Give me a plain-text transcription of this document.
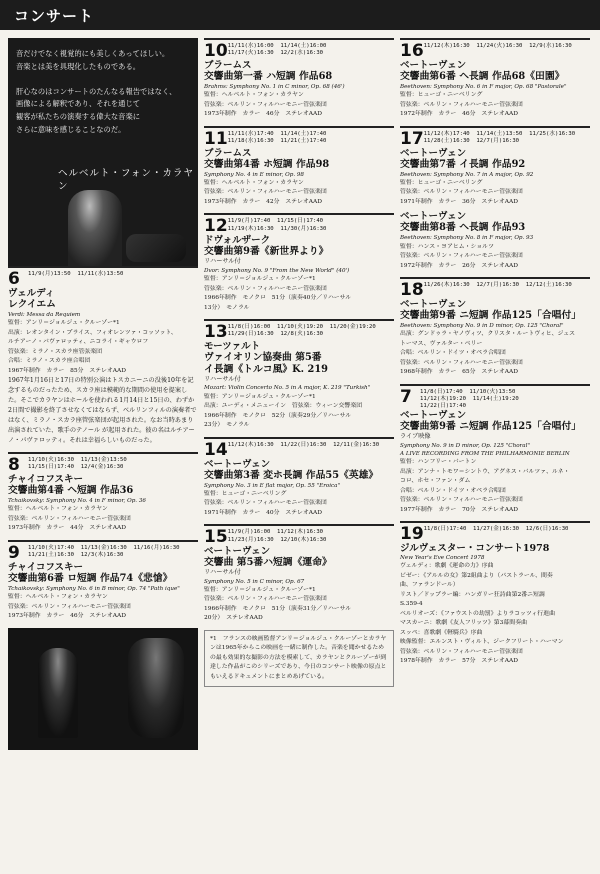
コンサート
音だけでなく視覚的にも美しくあってほしい。
音楽とは美を具現化したものである。

肝心なのはコンサートのたんなる報告ではなく、
画像による解釈であり、それを通じて
観客が私たちの演奏する偉大な音楽に
さらに意味を感じることなのだ。
ヘルベルト・フォン・カラヤン
6	11/9(月)13:50  11/11(水)13:50
ヴェルディ
レクイエム
Verdi: Messa da Requiem
監督：アンリ＝ジョルジュ・クルーゾー*1
出演：レオンタイン・プライス、フィオレンツァ・コッソット、
ルチアーノ・パヴァロッティ、ニコライ・ギャウロフ
管弦楽：ミラノ・スカラ座管弦楽団
合唱：ミラノ・スカラ座合唱団
1967年制作　カラー　85分　ステレオAAD
1967年1月16日と17日の特別公演はトスカニーニの没後10年を記念するものだったため、スカラ座は模範的な期間の使用を提案した。そこでカラヤンはホールを使われる1月14日と15日の、わずか2日間で撮影を終了させなくてはならず、ベルリンフィルの演奏者ではなく、ミラノ・スカラ座管弦楽団が起用された。なお当時あまり出演されていた、歌手のテノール が起用された。彼の名はルチアーノ・パヴァロッティ。それは幸福らしいものだった。
8	11/10(火)16:30  11/13(金)13:50
11/15(日)17:40  12/4(金)16:30
チャイコフスキー
交響曲第4番 ヘ短調 作品36
Tchaikovsky: Symphony No. 4 in F minor, Op. 36
監督：ヘルベルト・フォン・カラヤン
管弦楽：ベルリン・フィルハーモニー管弦楽団
1973年制作　カラー　44分　ステレオAAD
9	11/10(火)17:40  11/13(金)16:30  11/16(月)16:30
11/21(土)16:30  12/3(木)16:30
チャイコフスキー
交響曲第6番 ロ短調 作品74《悲愴》
Tchaikovsky: Symphony No. 6 in B minor, Op. 74 "Path ique"
監督：ヘルベルト・フォン・カラヤン
管弦楽：ベルリン・フィルハーモニー管弦楽団
1973年制作　カラー　46分　ステレオAAD
10 11/11(水)16:00  11/14(土)16:00
11/17(火)16:30  12/2(水)16:30
ブラームス
交響曲第一番 ハ短調 作品68
Brahms: Symphony No. 1 in C minor, Op. 68 (46')
監督：ヘルベルト・フォン・カラヤン
管弦楽：ベルリン・フィルハーモニー管弦楽団
1973年制作　カラー　46分　ステレオAAD
11 11/11(水)17:40  11/14(土)17:40
11/18(水)16:30  11/21(土)17:40
ブラームス
交響曲第4番 ホ短調 作品98
Symphony No. 4 in E minor, Op. 98
監督：ヘルベルト・フォン・カラヤン
管弦楽：ベルリン・フィルハーモニー管弦楽団
1973年制作　カラー　42分　ステレオAAD
12 11/9(月)17:40  11/15(日)17:40
11/19(木)16:30  11/30(月)16:30
ドヴォルザーク
交響曲第9番《新世界より》
リハーサル付
Dvor: Symphony No. 9 "From the New World" (40')
監督：アンリ＝ジョルジュ・クルーゾー*1
管弦楽：ベルリン・フィルハーモニー管弦楽団
1966年制作　モノクロ　51分（演奏40分／リハーサル
13分）　モノラル
13 11/8(日)16:00  11/10(火)19:20  11/20(金)19:20
11/29(日)16:30  12/8(火)16:30
モーツァルト
ヴァイオリン協奏曲 第5番
イ長調《トルコ風》K. 219
リハーサル付
Mozart: Violin Concerto No. 5 in A major, K. 219 "Turkish"
監督：アンリ＝ジョルジュ・クルーゾー*1
出演：ユーディ・メニューイン　管弦楽：ウィーン交響楽団
1966年制作　モノクロ　52分（演奏29分／リハーサル
23分）　モノラル
14 11/12(木)16:30  11/22(日)16:30  12/11(金)16:30
ベートーヴェン
交響曲第3番 変ホ長調 作品55《英雄》
Symphony No. 3 in E flat major, Op. 55 "Eroica"
監督：ヒューゴ・ニーベリング
管弦楽：ベルリン・フィルハーモニー管弦楽団
1971年制作　カラー　40分　ステレオAAD
15 11/9(月)16:00  11/12(木)16:30
11/23(月)16:30  12/10(木)16:30
ベートーヴェン
交響曲 第5番ハ短調《運命》
リハーサル付
Symphony No. 5 in C minor, Op. 67
監督：アンリ＝ジョルジュ・クルーゾー*1
管弦楽：ベルリン・フィルハーモニー管弦楽団
1966年制作　モノクロ　51分（演奏31分／リハーサル
20分）　ステレオAAD
*1　フランスの映画監督アンリ＝ジョルジュ・クルーゾーとカラヤンは1965年からこの映画を一緒に制作した。音楽を聞かせるための最も効果的な撮影の方法を模索して、カラヤンとクルーゾーが到達した作品がこのシリーズであり、今日のコンサート映像の原点ともいえるドキュメントにまとめあげている。
16 11/12(木)16:30  11/24(火)16:30  12/9(水)16:30
ベートーヴェン
交響曲第6番 ヘ長調 作品68《田園》
Beethoven: Symphony No. 6 in F major, Op. 68 "Pastorale"
監督：ヒューゴ・ニーベリング
管弦楽：ベルリン・フィルハーモニー管弦楽団
1972年制作　カラー　46分　ステレオAAD
17 11/12(木)17:40  11/14(土)13:50  11/25(水)16:30
11/28(土)16:30  12/7(月)16:30
ベートーヴェン
交響曲第7番 イ長調 作品92
Beethoven: Symphony No. 7 in A major, Op. 92
監督：ヒューゴ・ニーベリング
管弦楽：ベルリン・フィルハーモニー管弦楽団
1971年制作　カラー　36分　ステレオAAD
ベートーヴェン
交響曲第8番 ヘ長調 作品93
Beethoven: Symphony No. 8 in F major, Op. 93
監督：ハンス・ヨアヒム・ショルツ
管弦楽：ベルリン・フィルハーモニー管弦楽団
1972年制作　カラー　26分　ステレオAAD
18 11/26(木)16:30  12/7(月)16:30  12/12(土)16:30
ベートーヴェン
交響曲第9番 ニ短調 作品125「合唱付」
Beethoven: Symphony No. 9 in D minor, Op. 125 "Choral"
出演：グンドゥラ・ヤノヴィツ、クリスタ・ルートヴィヒ、ジェス
トーマス、ヴァルター・ベリー
合唱：ベルリン・ドイツ・オペラ合唱団
管弦楽：ベルリン・フィルハーモニー管弦楽団
1968年制作　カラー　65分　ステレオAAD
7	11/8(日)17:40  11/10(火)13:50
11/12(木)19:20  11/14(土)19:20
11/22(日)17:40
ベートーヴェン
交響曲第9番 ニ短調 作品125「合唱付」
ライブ映像
Symphony No. 9 in D minor, Op. 125 "Choral"
A LIVE RECORDING FROM THE PHILHARMONIE BERLIN
監督：ハンフリー・バートン
出演：アンナ・トモワ＝シントウ、アグネス・バルツァ、ルネ・
コロ、ホセ・ファン・ダム
合唱：ベルリン・ドイツ・オペラ合唱団
管弦楽：ベルリン・フィルハーモニー管弦楽団
1977年制作　カラー　70分　ステレオAAD
19 11/8(日)17:40  11/27(金)16:30  12/6(日)16:30
ジルヴェスター・コンサート1978
New Year's Eve Concert 1978
ヴェルディ：歌劇《運命の力》序曲
ビゼー：《アルルの女》第2組曲より（パストラール、間奏
曲、ファランドール）
リスト／ドップラー編：ハンガリー狂詩曲第2番ニ短調
S.359-4
ベルリオーズ：《ファウストの劫罰》よりラコッツィ行進曲
マスカーニ：歌劇《友人フリッツ》第3幕間奏曲
スッペ：喜歌劇《軽騎兵》序曲
映像監督：エルンスト・ヴィルト、ジークフリート・ハーマン
管弦楽：ベルリン・フィルハーモニー管弦楽団
1978年制作　カラー　57分　ステレオAAD
